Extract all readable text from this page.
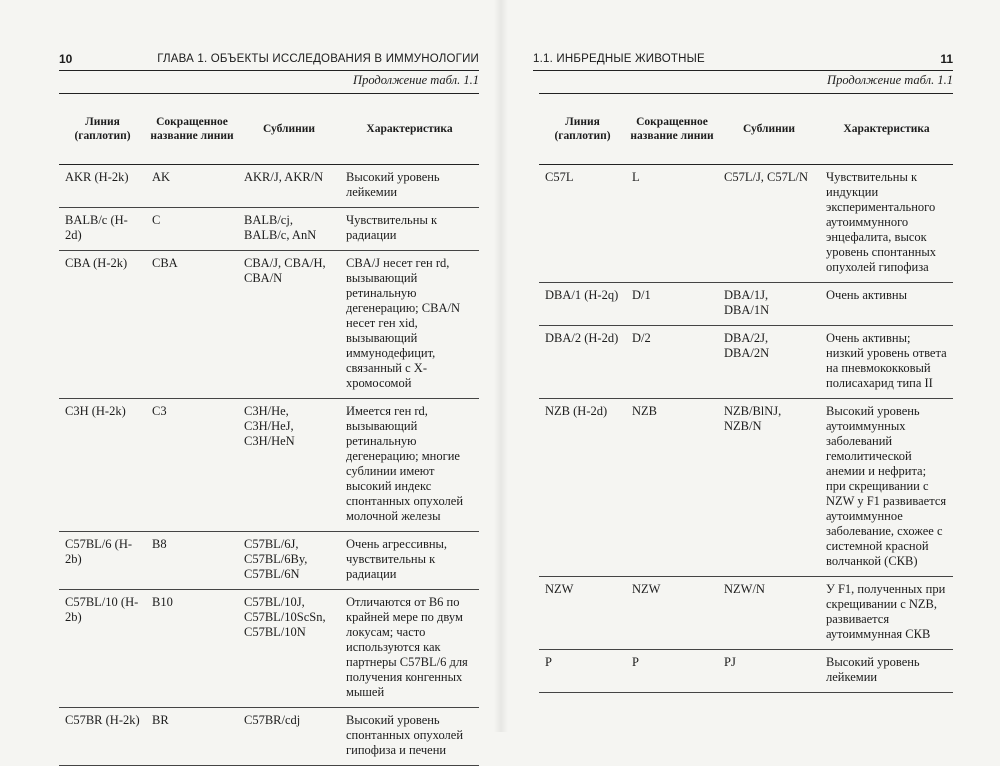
10	ГЛАВА 1. ОБЪЕКТЫ ИССЛЕДОВАНИЯ В ИММУНОЛОГИИ
Продолжение табл. 1.1
Линия (гаплотип)	Сокращенное название линии	Сублинии	Характеристика
AKR (H-2k)	AK	AKR/J, AKR/N	Высокий уровень лейкемии
BALB/c (H-2d)	C	BALB/cj, BALB/c, AnN	Чувствительны к радиации
CBA (H-2k)	CBA	CBA/J, CBA/H, CBA/N	CBA/J несет ген rd, вызывающий ретинальную дегенерацию; CBA/N несет ген xid, вызывающий иммунодефицит, связанный с X-хромосомой
C3H (H-2k)	C3	C3H/He, C3H/HeJ, C3H/HeN	Имеется ген rd, вызывающий ретинальную дегенерацию; многие сублинии имеют высокий индекс спонтанных опухолей молочной железы
C57BL/6 (H-2b)	B8	C57BL/6J, C57BL/6By, C57BL/6N	Очень агрессивны, чувствительны к радиации
C57BL/10 (H-2b)	B10	C57BL/10J, C57BL/10ScSn, C57BL/10N	Отличаются от B6 по крайней мере по двум локусам; часто используются как партнеры C57BL/6 для получения конгенных мышей
C57BR (H-2k)	BR	C57BR/cdj	Высокий уровень спонтанных опухолей гипофиза и печени
1.1. ИНБРЕДНЫЕ ЖИВОТНЫЕ	11
Продолжение табл. 1.1
Линия (гаплотип)	Сокращенное название линии	Сублинии	Характеристика
C57L	L	C57L/J, C57L/N	Чувствительны к индукции экспериментального аутоиммунного энцефалита, высок уровень спонтанных опухолей гипофиза
DBA/1 (H-2q)	D/1	DBA/1J, DBA/1N	Очень активны
DBA/2 (H-2d)	D/2	DBA/2J, DBA/2N	Очень активны; низкий уровень ответа на пневмококковый полисахарид типа II
NZB (H-2d)	NZB	NZB/BlNJ, NZB/N	Высокий уровень аутоиммунных заболеваний гемолитической анемии и нефрита; при скрещивании с NZW у F1 развивается аутоиммунное заболевание, схожее с системной красной волчанкой (СКВ)
NZW	NZW	NZW/N	У F1, полученных при скрещивании с NZB, развивается аутоиммунная СКВ
P	P	PJ	Высокий уровень лейкемии
